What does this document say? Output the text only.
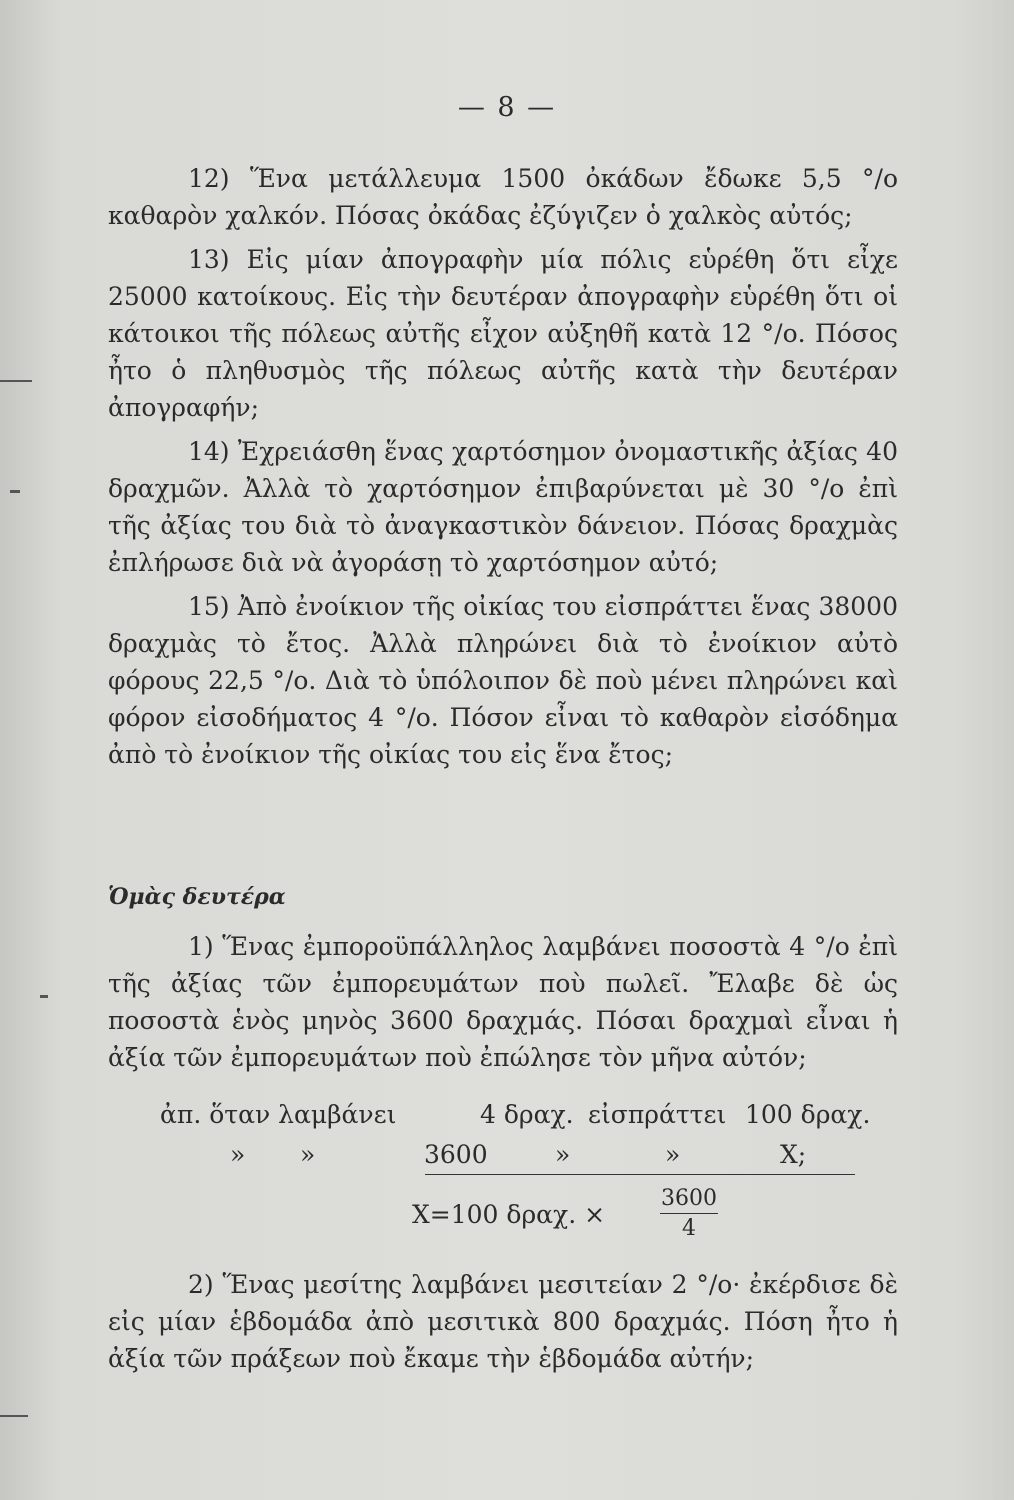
— 8 —

12) Ἕνα μετάλλευμα 1500 ὀκάδων ἔδωκε 5,5 °/ο καθαρὸν χαλκόν. Πόσας ὀκάδας ἐζύγιζεν ὁ χαλκὸς αὐτός;

13) Εἰς μίαν ἀπογραφὴν μία πόλις εὑρέθη ὅτι εἶχε 25000 κατοίκους. Εἰς τὴν δευτέραν ἀπογραφὴν εὑρέθη ὅτι οἱ κάτοικοι τῆς πόλεως αὐτῆς εἶχον αὐξηθῆ κατὰ 12 °/ο. Πόσος ἦτο ὁ πληθυσμὸς τῆς πόλεως αὐτῆς κατὰ τὴν δευτέραν ἀπογραφήν;

14) Ἐχρειάσθη ἕνας χαρτόσημον ὀνομαστικῆς ἀξίας 40 δραχμῶν. Ἀλλὰ τὸ χαρτόσημον ἐπιβαρύνεται μὲ 30 °/ο ἐπὶ τῆς ἀξίας του διὰ τὸ ἀναγκαστικὸν δάνειον. Πόσας δραχμὰς ἐπλήρωσε διὰ νὰ ἀγοράσῃ τὸ χαρτόσημον αὐτό;

15) Ἀπὸ ἐνοίκιον τῆς οἰκίας του εἰσπράττει ἕνας 38000 δραχμὰς τὸ ἔτος. Ἀλλὰ πληρώνει διὰ τὸ ἐνοίκιον αὐτὸ φόρους 22,5 °/ο. Διὰ τὸ ὑπόλοιπον δὲ ποὺ μένει πληρώνει καὶ φόρον εἰσοδήματος 4 °/ο. Πόσον εἶναι τὸ καθαρὸν εἰσόδημα ἀπὸ τὸ ἐνοίκιον τῆς οἰκίας του εἰς ἕνα ἔτος;

Ὁμὰς δευτέρα

1) Ἕνας ἐμποροϋπάλληλος λαμβάνει ποσοστὰ 4 °/ο ἐπὶ τῆς ἀξίας τῶν ἐμπορευμάτων ποὺ πωλεῖ. Ἔλαβε δὲ ὡς ποσοστὰ ἑνὸς μηνὸς 3600 δραχμάς. Πόσαι δραχμαὶ εἶναι ἡ ἀξία τῶν ἐμπορευμάτων ποὺ ἐπώλησε τὸν μῆνα αὐτόν;

ἀπ. ὅταν λαμβάνει	4 δραχ. εἰσπράττει 100 δραχ.
» »	3600	»	»	X;
X=100 δραχ. ×
3600
4

2) Ἕνας μεσίτης λαμβάνει μεσιτείαν 2 °/ο· ἐκέρδισε δὲ εἰς μίαν ἑβδομάδα ἀπὸ μεσιτικὰ 800 δραχμάς. Πόση ἦτο ἡ ἀξία τῶν πράξεων ποὺ ἔκαμε τὴν ἑβδομάδα αὐτήν;
